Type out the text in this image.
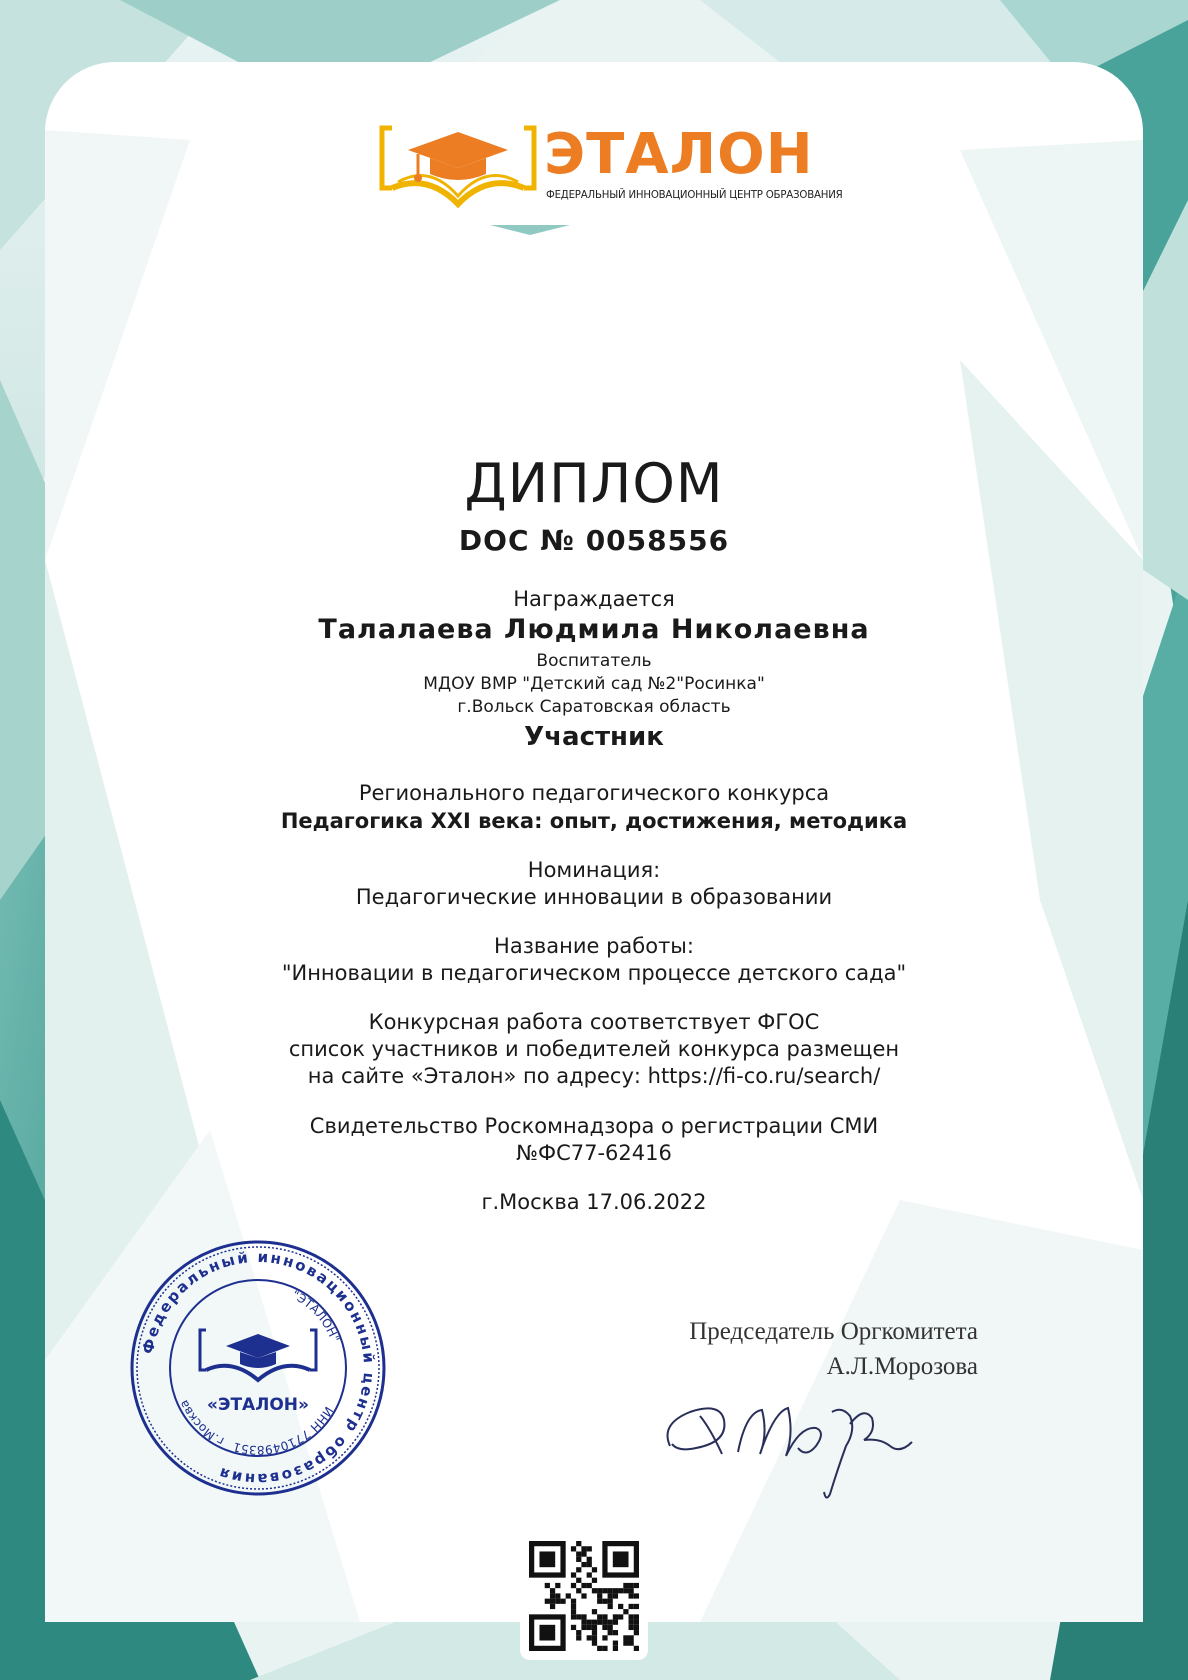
ЭТАЛОН
ФЕДЕРАЛЬНЫЙ ИННОВАЦИОННЫЙ ЦЕНТР ОБРАЗОВАНИЯ
ДИПЛОМ
DOC № 0058556
Награждается
Талалаева Людмила Николаевна
Воспитатель
МДОУ ВМР "Детский сад №2"Росинка"
г.Вольск Саратовская область
Участник
Регионального педагогического конкурса
Педагогика XXI века: опыт, достижения, методика
Номинация:
Педагогические инновации в образовании
Название работы:
"Инновации в педагогическом процессе детского сада"
Конкурсная работа соответствует ФГОС
список участников и победителей конкурса размещен
на сайте «Эталон» по адресу: https://fi-co.ru/search/
Свидетельство Роскомнадзора о регистрации СМИ
№ФС77-62416
г.Москва 17.06.2022
Председатель Оргкомитета
А.Л.Морозова
Федеральный инновационный центр образования
ИНН 7710498351
г.Москва
"ЭТАЛОН"
«ЭТАЛОН»
